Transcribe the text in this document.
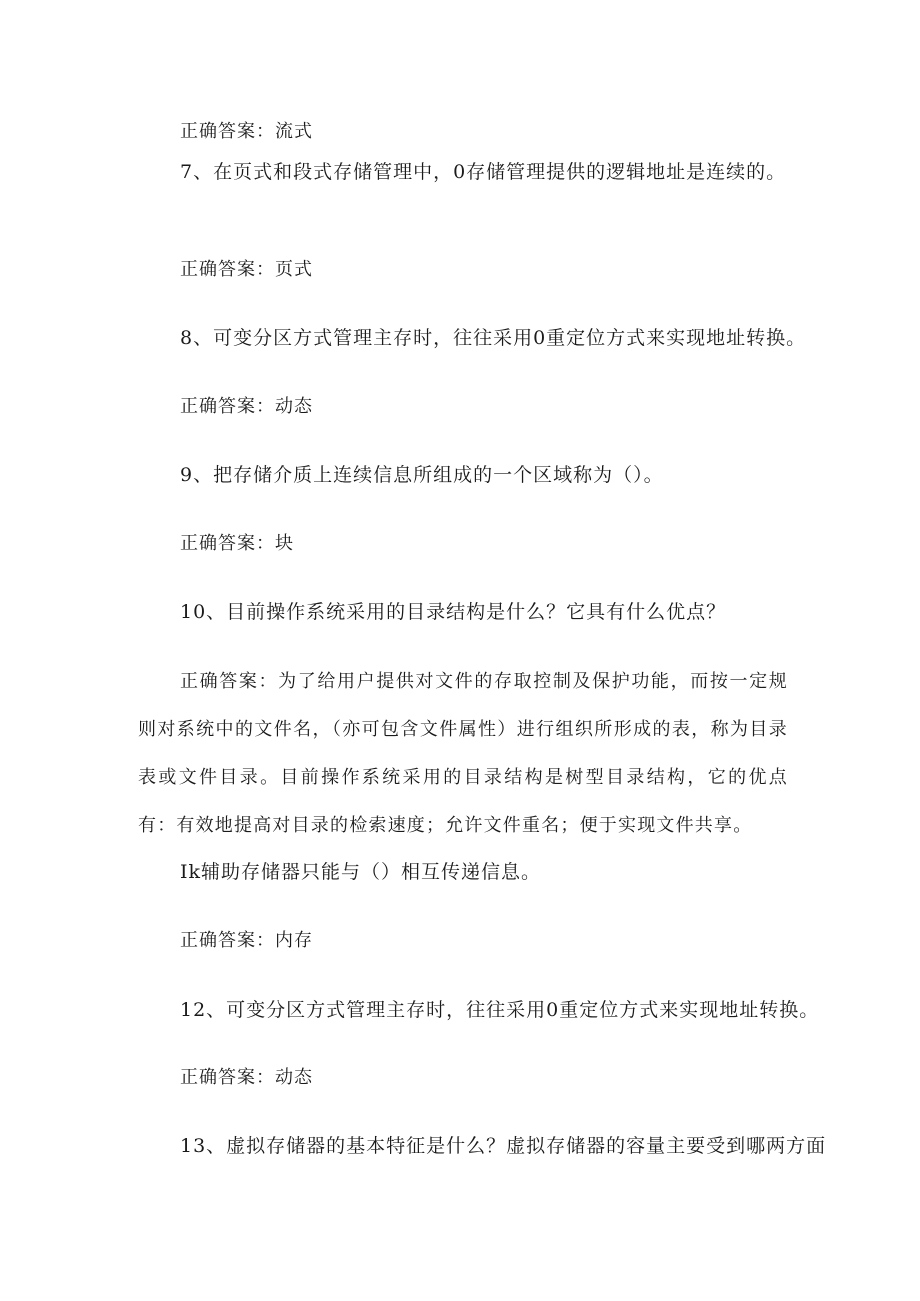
正确答案：流式
7、在页式和段式存储管理中，0存储管理提供的逻辑地址是连续的。
正确答案：页式
8、可变分区方式管理主存时，往往采用0重定位方式来实现地址转换。
正确答案：动态
9、把存储介质上连续信息所组成的一个区域称为（）。
正确答案：块
10、目前操作系统采用的目录结构是什么？它具有什么优点？
正确答案：为了给用户提供对文件的存取控制及保护功能，而按一定规则对系统中的文件名，（亦可包含文件属性）进行组织所形成的表，称为目录表或文件目录。目前操作系统采用的目录结构是树型目录结构，它的优点有：有效地提高对目录的检索速度；允许文件重名；便于实现文件共享。
Ik辅助存储器只能与（）相互传递信息。
正确答案：内存
12、可变分区方式管理主存时，往往采用0重定位方式来实现地址转换。
正确答案：动态
13、虚拟存储器的基本特征是什么？虚拟存储器的容量主要受到哪两方面
